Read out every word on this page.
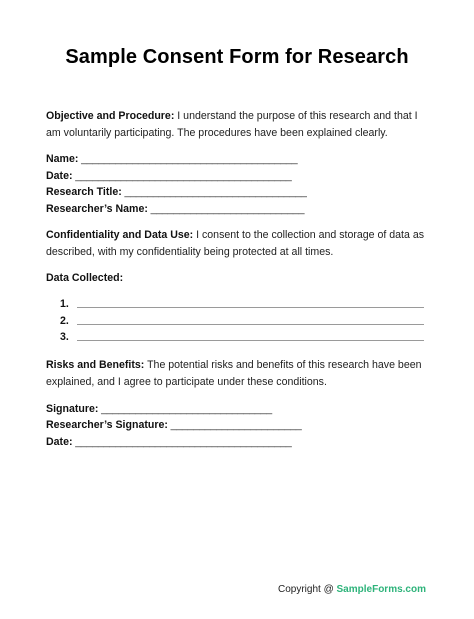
Sample Consent Form for Research
Objective and Procedure: I understand the purpose of this research and that I am voluntarily participating. The procedures have been explained clearly.
Name: ______________________________________
Date: ______________________________________
Research Title: ________________________________
Researcher’s Name: ___________________________
Confidentiality and Data Use: I consent to the collection and storage of data as described, with my confidentiality being protected at all times.
Data Collected:
1.
2.
3.
Risks and Benefits: The potential risks and benefits of this research have been explained, and I agree to participate under these conditions.
Signature: ______________________________
Researcher’s Signature: _______________________
Date: ______________________________________
Copyright @ SampleForms.com
